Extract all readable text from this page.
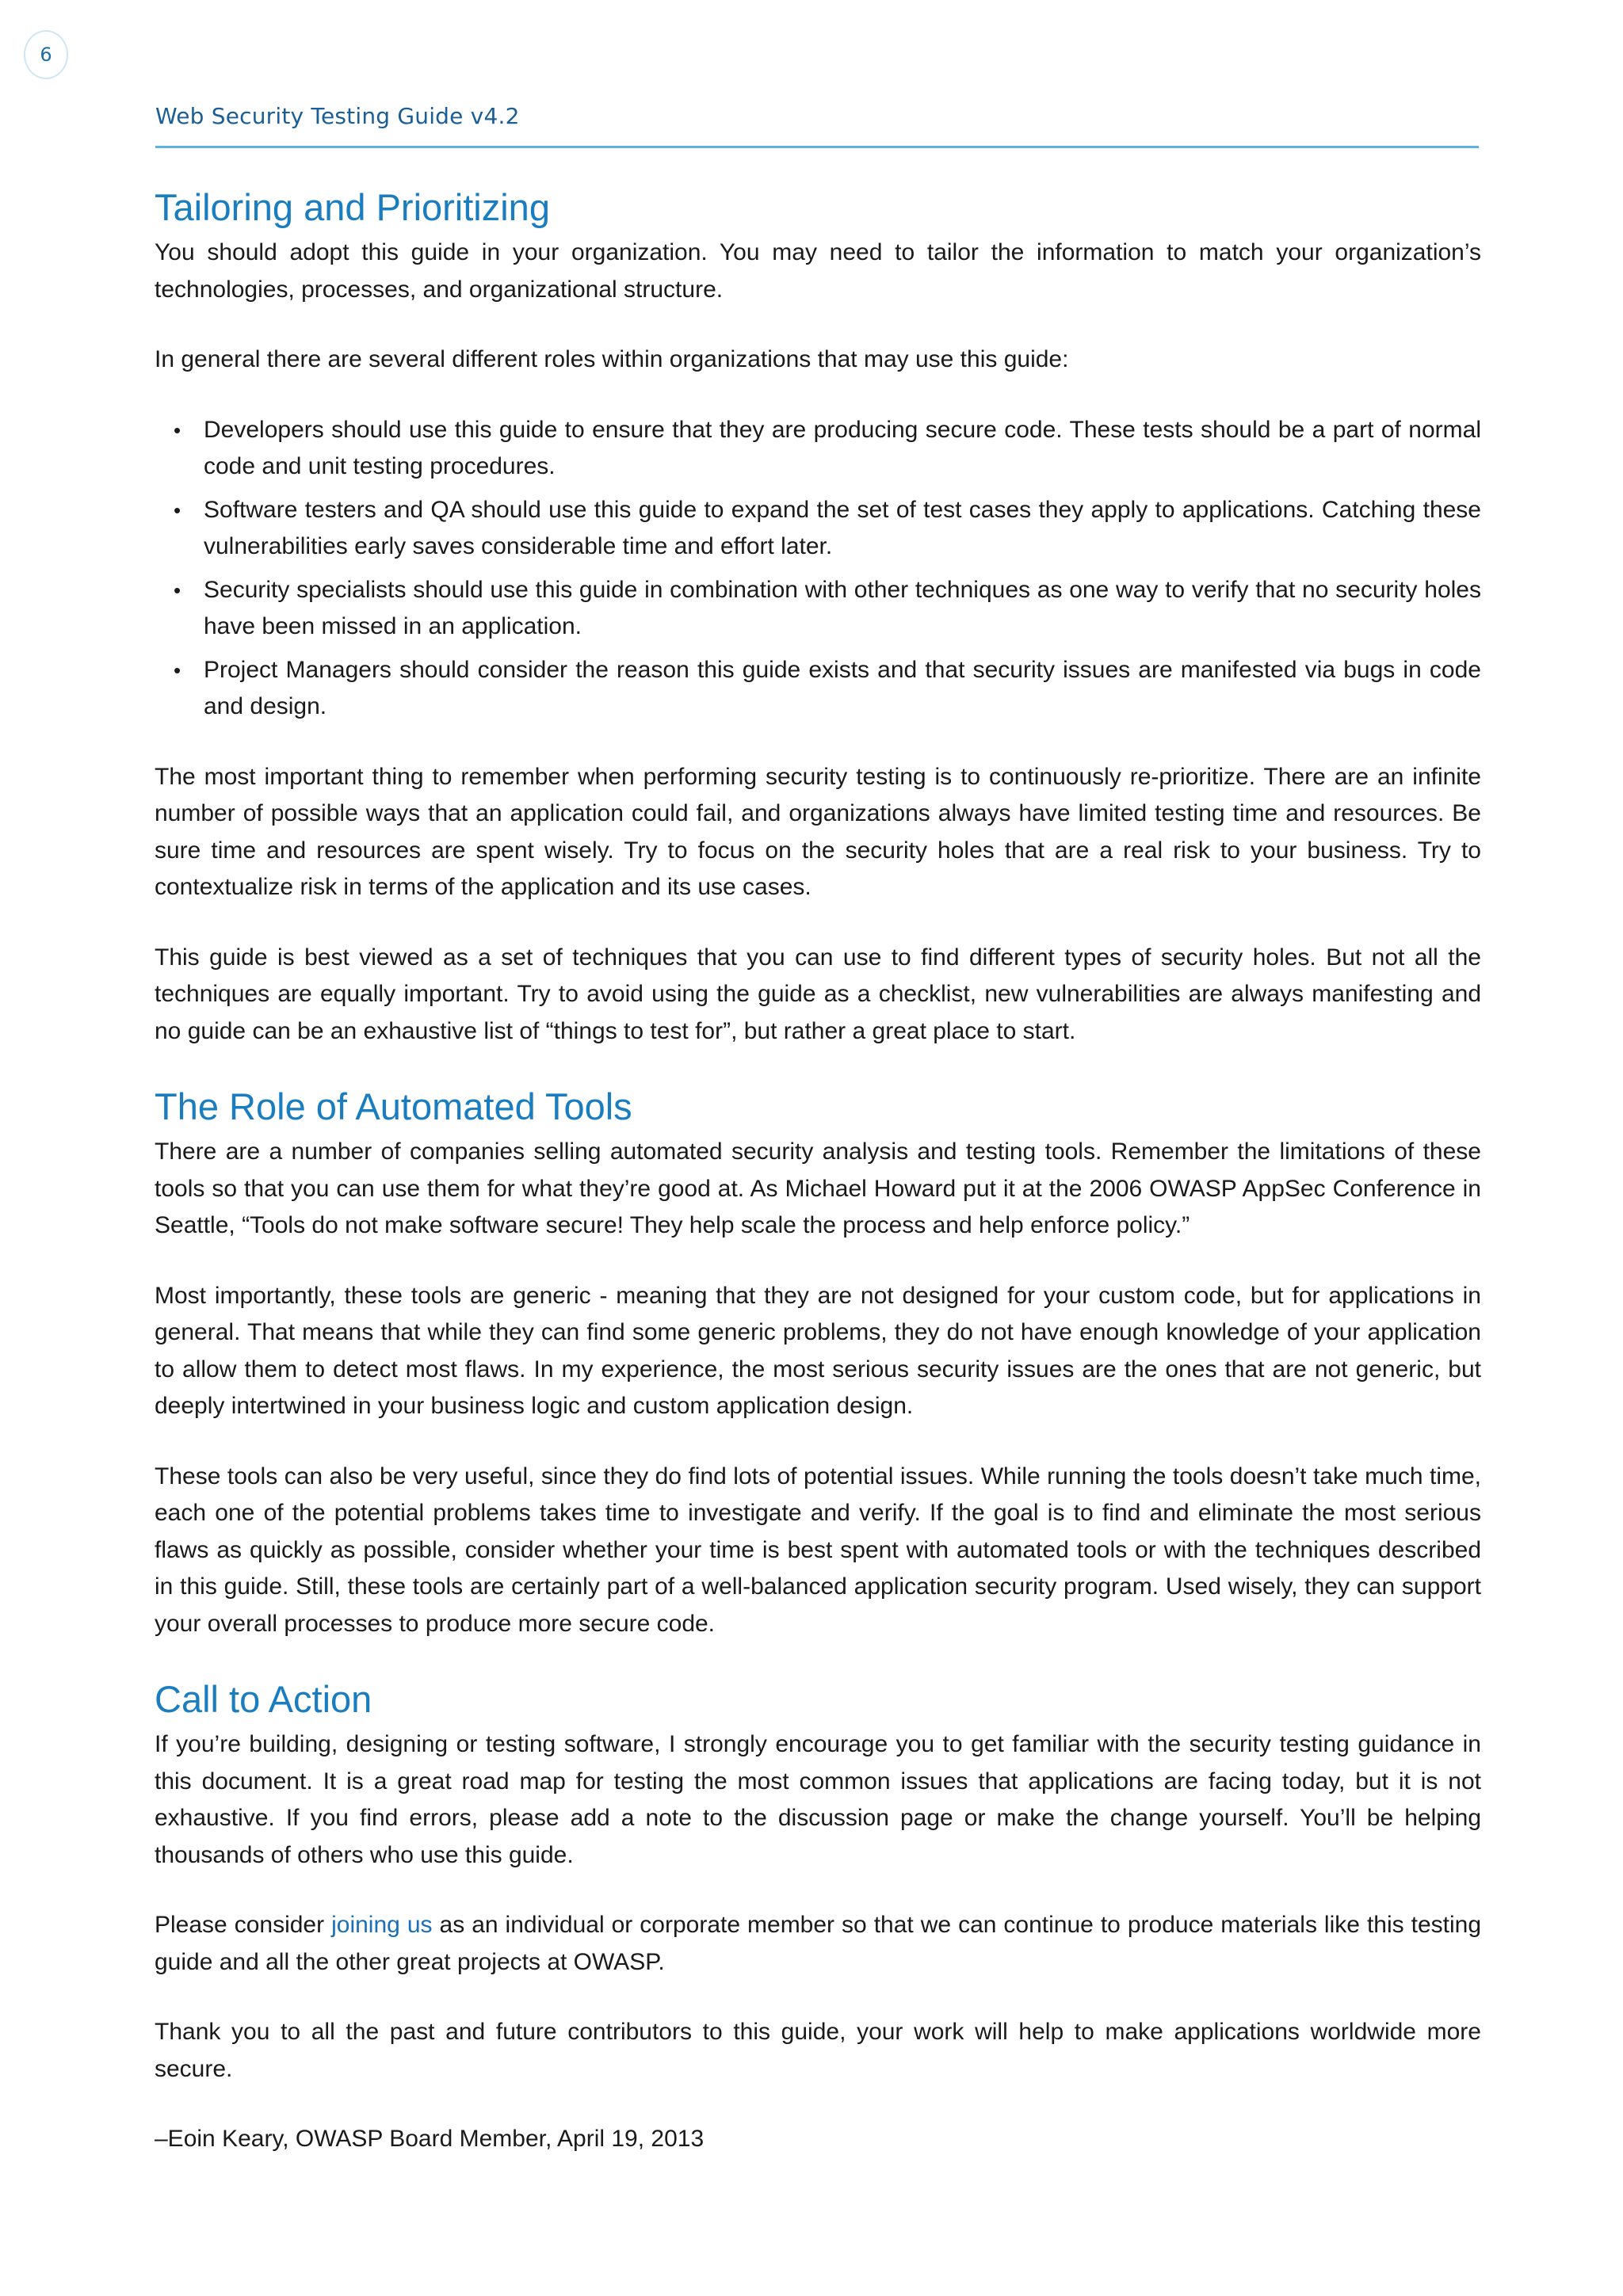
6
Web Security Testing Guide v4.2
Tailoring and Prioritizing

You should adopt this guide in your organization. You may need to tailor the information to match your organization’s technologies, processes, and organizational structure.

In general there are several different roles within organizations that may use this guide:

• Developers should use this guide to ensure that they are producing secure code. These tests should be a part of normal code and unit testing procedures.
• Software testers and QA should use this guide to expand the set of test cases they apply to applications. Catching these vulnerabilities early saves considerable time and effort later.
• Security specialists should use this guide in combination with other techniques as one way to verify that no security holes have been missed in an application.
• Project Managers should consider the reason this guide exists and that security issues are manifested via bugs in code and design.

The most important thing to remember when performing security testing is to continuously re-prioritize. There are an infinite number of possible ways that an application could fail, and organizations always have limited testing time and resources. Be sure time and resources are spent wisely. Try to focus on the security holes that are a real risk to your business. Try to contextualize risk in terms of the application and its use cases.

This guide is best viewed as a set of techniques that you can use to find different types of security holes. But not all the techniques are equally important. Try to avoid using the guide as a checklist, new vulnerabilities are always manifesting and no guide can be an exhaustive list of “things to test for”, but rather a great place to start.

The Role of Automated Tools

There are a number of companies selling automated security analysis and testing tools. Remember the limitations of these tools so that you can use them for what they’re good at. As Michael Howard put it at the 2006 OWASP AppSec Conference in Seattle, “Tools do not make software secure! They help scale the process and help enforce policy.”

Most importantly, these tools are generic - meaning that they are not designed for your custom code, but for applications in general. That means that while they can find some generic problems, they do not have enough knowledge of your application to allow them to detect most flaws. In my experience, the most serious security issues are the ones that are not generic, but deeply intertwined in your business logic and custom application design.

These tools can also be very useful, since they do find lots of potential issues. While running the tools doesn’t take much time, each one of the potential problems takes time to investigate and verify. If the goal is to find and eliminate the most serious flaws as quickly as possible, consider whether your time is best spent with automated tools or with the techniques described in this guide. Still, these tools are certainly part of a well-balanced application security program. Used wisely, they can support your overall processes to produce more secure code.

Call to Action

If you’re building, designing or testing software, I strongly encourage you to get familiar with the security testing guidance in this document. It is a great road map for testing the most common issues that applications are facing today, but it is not exhaustive. If you find errors, please add a note to the discussion page or make the change yourself. You’ll be helping thousands of others who use this guide.

Please consider joining us as an individual or corporate member so that we can continue to produce materials like this testing guide and all the other great projects at OWASP.

Thank you to all the past and future contributors to this guide, your work will help to make applications worldwide more secure.

–Eoin Keary, OWASP Board Member, April 19, 2013
